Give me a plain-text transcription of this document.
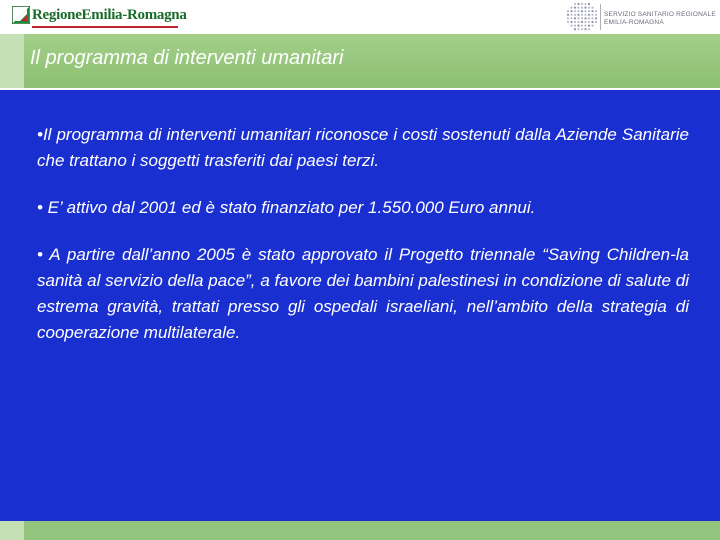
RegioneEmilia-Romagna	SERVIZIO SANITARIO REGIONALE
EMILIA-ROMAGNA
Il programma di interventi umanitari
•Il programma di interventi umanitari riconosce i costi sostenuti dalla Aziende Sanitarie che trattano i soggetti trasferiti dai paesi terzi.
• E’ attivo dal 2001 ed è stato finanziato per 1.550.000 Euro annui.
• A partire dall’anno 2005 è stato approvato il Progetto triennale “Saving Children-la sanità al servizio della pace”, a favore dei bambini palestinesi in condizione di salute di estrema gravità, trattati presso gli ospedali israeliani, nell’ambito della strategia di cooperazione multilaterale.
